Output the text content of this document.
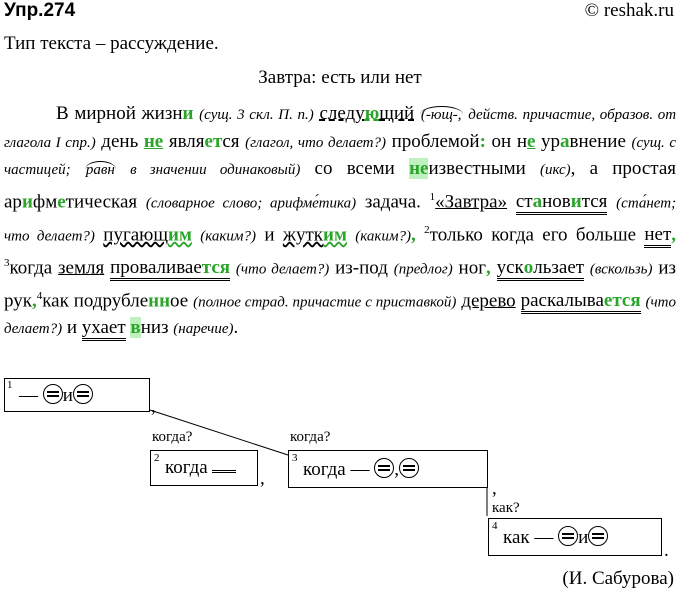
Упр.274	© reshak.ru
Тип текста – рассуждение.
Завтра: есть или нет
В мирной жизни (сущ. 3 скл. П. п.) следующий (-ющ-, действ. причастие, образов. от глагола I спр.) день не является (глагол, что делает?) проблемой: он не уравнение (сущ. с частицей; равн в значении одинаковый) со всеми неизвестными (икс), а простая арифметическая (словарное слово; арифме́тика) задача. $^1$«Завтра» становится (ста́нет; что делает?) пугающим (каким?) и жутким (каким?), $^2$только когда его больше нет, $^3$когда земля проваливается (что делает?) из-под (предлог) ног, ускользает (вскользь) из рук,$^4$как подрубленное (полное страд. причастие с приставкой) дерево раскалывается (что делает?) и ухает вниз (наречие).
1 — и
,
когда?
2 когда
,
когда?
3
когда — ,
,
как?
4
как — и
.
(И. Сабурова)
